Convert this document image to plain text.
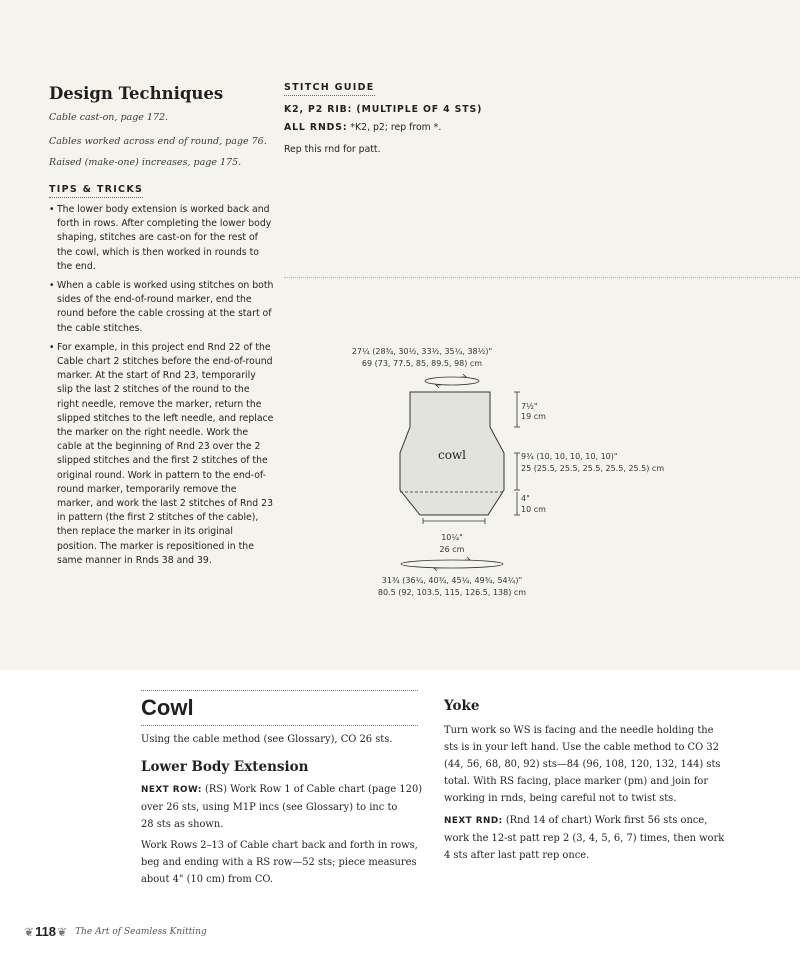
Design Techniques
Cable cast-on, page 172.
Cables worked across end of round, page 76.
Raised (make-one) increases, page 175.
TIPS & TRICKS
• The lower body extension is worked back and forth in rows. After completing the lower body shaping, stitches are cast-on for the rest of the cowl, which is then worked in rounds to the end.
• When a cable is worked using stitches on both sides of the end-of-round marker, end the round before the cable crossing at the start of the cable stitches.
• For example, in this project end Rnd 22 of the Cable chart 2 stitches before the end-of-round marker. At the start of Rnd 23, temporarily slip the last 2 stitches of the round to the right needle, remove the marker, return the slipped stitches to the left needle, and replace the marker on the right needle. Work the cable at the beginning of Rnd 23 over the 2 slipped stitches and the first 2 stitches of the original round. Work in pattern to the end-of-round marker, temporarily remove the marker, and work the last 2 stitches of Rnd 23 in pattern (the first 2 stitches of the cable), then replace the marker in its original position. The marker is repositioned in the same manner in Rnds 38 and 39.
STITCH GUIDE
K2, P2 RIB: (MULTIPLE OF 4 STS)
ALL RNDS: *K2, p2; rep from *.
Rep this rnd for patt.
27¼ (28¾, 30½, 33½, 35¼, 38½)"
69 (73, 77.5, 85, 89.5, 98) cm
cowl
7½"
19 cm
9¾ (10, 10, 10, 10, 10)"
25 (25.5, 25.5, 25.5, 25.5, 25.5) cm
4"
10 cm
10¼"
26 cm
31¾ (36¼, 40¾, 45¼, 49¾, 54¼)"
80.5 (92, 103.5, 115, 126.5, 138) cm
Cowl
Using the cable method (see Glossary), CO 26 sts.
Lower Body Extension
NEXT ROW: (RS) Work Row 1 of Cable chart (page 120)
over 26 sts, using M1P incs (see Glossary) to inc to
28 sts as shown.
Work Rows 2–13 of Cable chart back and forth in rows,
beg and ending with a RS row—52 sts; piece measures
about 4" (10 cm) from CO.
Yoke
Turn work so WS is facing and the needle holding the
sts is in your left hand. Use the cable method to CO 32
(44, 56, 68, 80, 92) sts—84 (96, 108, 120, 132, 144) sts
total. With RS facing, place marker (pm) and join for
working in rnds, being careful not to twist sts.
NEXT RND: (Rnd 14 of chart) Work first 56 sts once,
work the 12-st patt rep 2 (3, 4, 5, 6, 7) times, then work
4 sts after last patt rep once.
❦ 118 ❦ The Art of Seamless Knitting
